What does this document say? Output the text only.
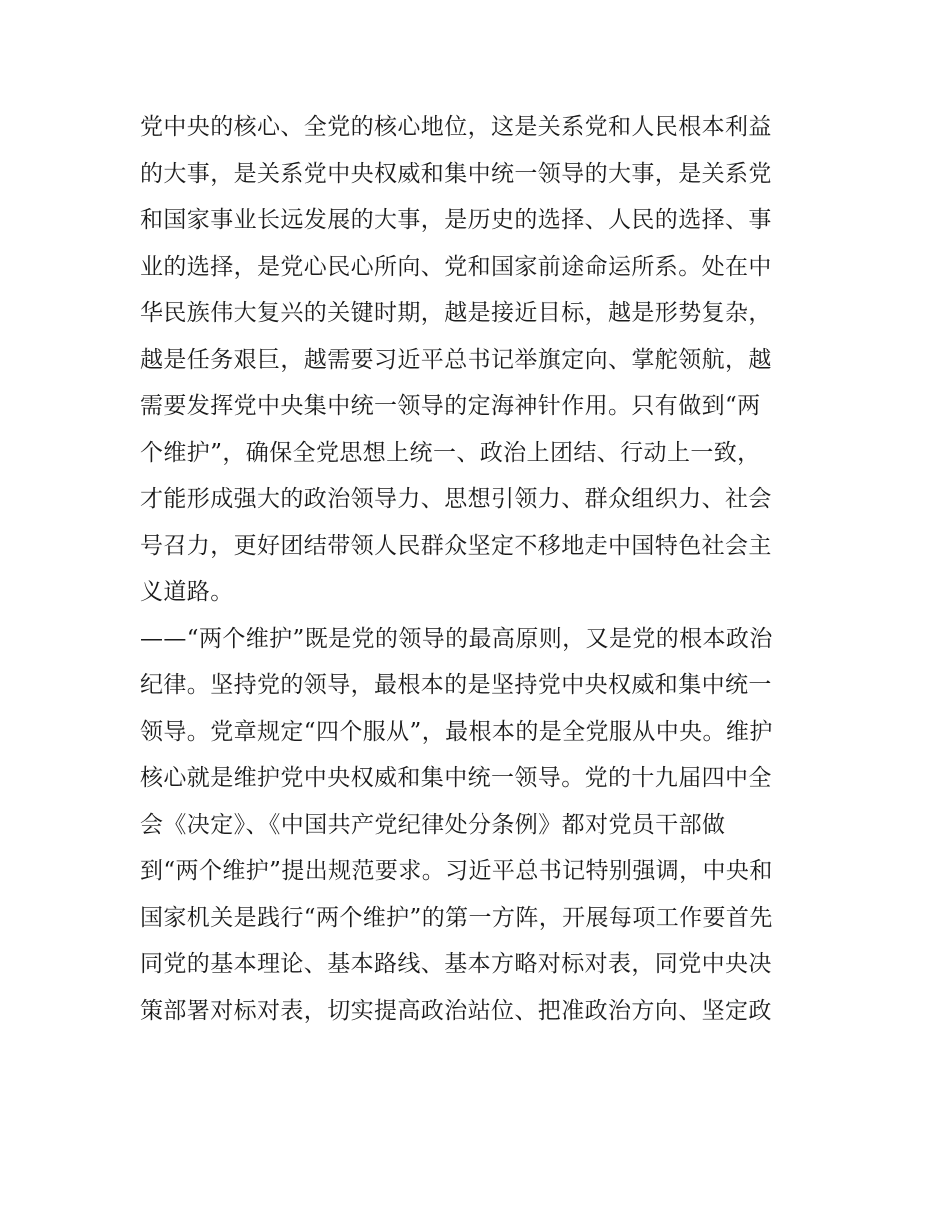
党中央的核心、全党的核心地位，这是关系党和人民根本利益
的大事，是关系党中央权威和集中统一领导的大事，是关系党
和国家事业长远发展的大事，是历史的选择、人民的选择、事
业的选择，是党心民心所向、党和国家前途命运所系。处在中
华民族伟大复兴的关键时期，越是接近目标，越是形势复杂，
越是任务艰巨，越需要习近平总书记举旗定向、掌舵领航，越
需要发挥党中央集中统一领导的定海神针作用。只有做到“两
个维护”，确保全党思想上统一、政治上团结、行动上一致，
才能形成强大的政治领导力、思想引领力、群众组织力、社会
号召力，更好团结带领人民群众坚定不移地走中国特色社会主
义道路。
——“两个维护”既是党的领导的最高原则，又是党的根本政治
纪律。坚持党的领导，最根本的是坚持党中央权威和集中统一
领导。党章规定“四个服从”，最根本的是全党服从中央。维护
核心就是维护党中央权威和集中统一领导。党的十九届四中全
会《决定》、《中国共产党纪律处分条例》都对党员干部做
到“两个维护”提出规范要求。习近平总书记特别强调，中央和
国家机关是践行“两个维护”的第一方阵，开展每项工作要首先
同党的基本理论、基本路线、基本方略对标对表，同党中央决
策部署对标对表，切实提高政治站位、把准政治方向、坚定政
